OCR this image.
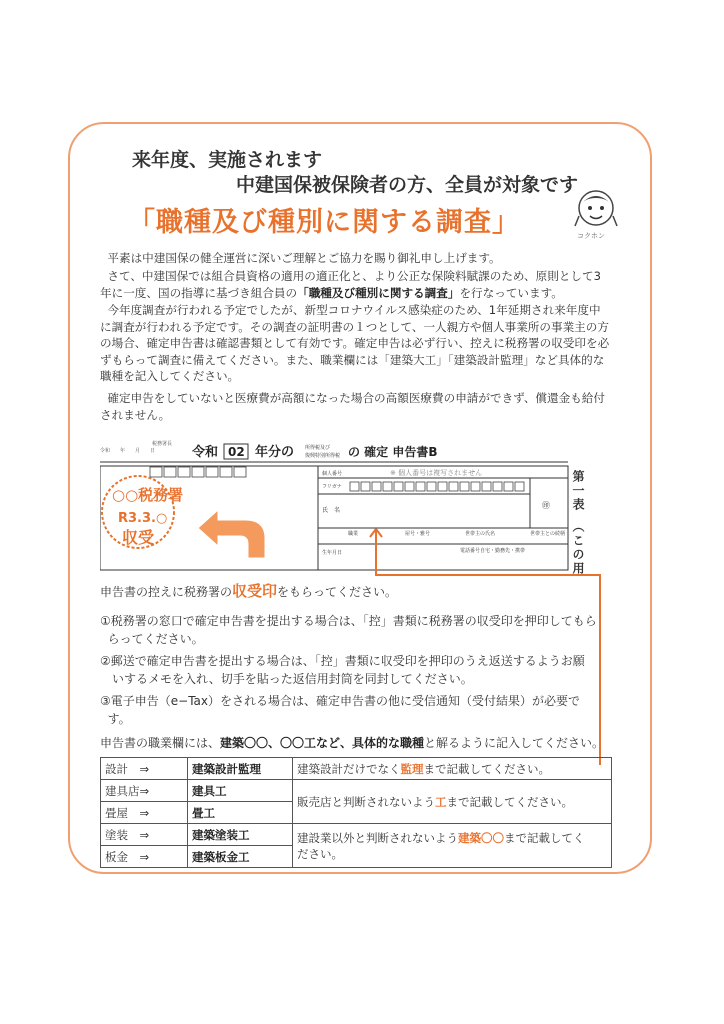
来年度、実施されます
中建国保被保険者の方、全員が対象です
「職種及び種別に関する調査」	コクホン
平素は中建国保の健全運営に深いご理解とご協力を賜り御礼申し上げます。
さて、中建国保では組合員資格の適用の適正化と、より公正な保険料賦課のため、原則として3
年に一度、国の指導に基づき組合員の「職種及び種別に関する調査」を行なっています。
今年度調査が行われる予定でしたが、新型コロナウイルス感染症のため、1年延期され来年度中
に調査が行われる予定です。その調査の証明書の１つとして、一人親方や個人事業所の事業主の方
の場合、確定申告書は確認書類として有効です。確定申告は必ず行い、控えに税務署の収受印を必
ずもらって調査に備えてください。また、職業欄には「建築大工」「建築設計監理」など具体的な
職種を記入してください。
確定申告をしていないと医療費が高額になった場合の高額医療費の申請ができず、償還金も給付
されません。
令和　　年　　月　　日
税務署長
令和 02 年分の 所得税及び
復興特別所得税 の 確定 申告書B
個人番号	※ 個人番号は複写されません
フリガナ
氏　名
㊞
職業	屋号・雅号	世帯主の氏名	世帯主との続柄
生年月日	電話番号 自宅・勤務先・携帯
○○税務署
R3.3.○
収受	第一表　（この用
申告書の控えに税務署の収受印をもらってください。
①税務署の窓口で確定申告書を提出する場合は、「控」書類に税務署の収受印を押印してもら
らってください。
②郵送で確定申告書を提出する場合は、「控」書類に収受印を押印のうえ返送するようお願
　いするメモを入れ、切手を貼った返信用封筒を同封してください。
③電子申告（e−Tax）をされる場合は、確定申告書の他に受信通知（受付結果）が必要で
す。
申告書の職業欄には、建築〇〇、〇〇工など、具体的な職種と解るように記入してください。
設計　⇒	建築設計監理	建築設計だけでなく監理まで記載してください。
建具店⇒	建具工	販売店と判断されないよう工まで記載してください。
畳屋　⇒	畳工	
塗装　⇒	建築塗装工	建設業以外と判断されないよう建築〇〇まで記載してく
ださい。
板金　⇒	建築板金工	
